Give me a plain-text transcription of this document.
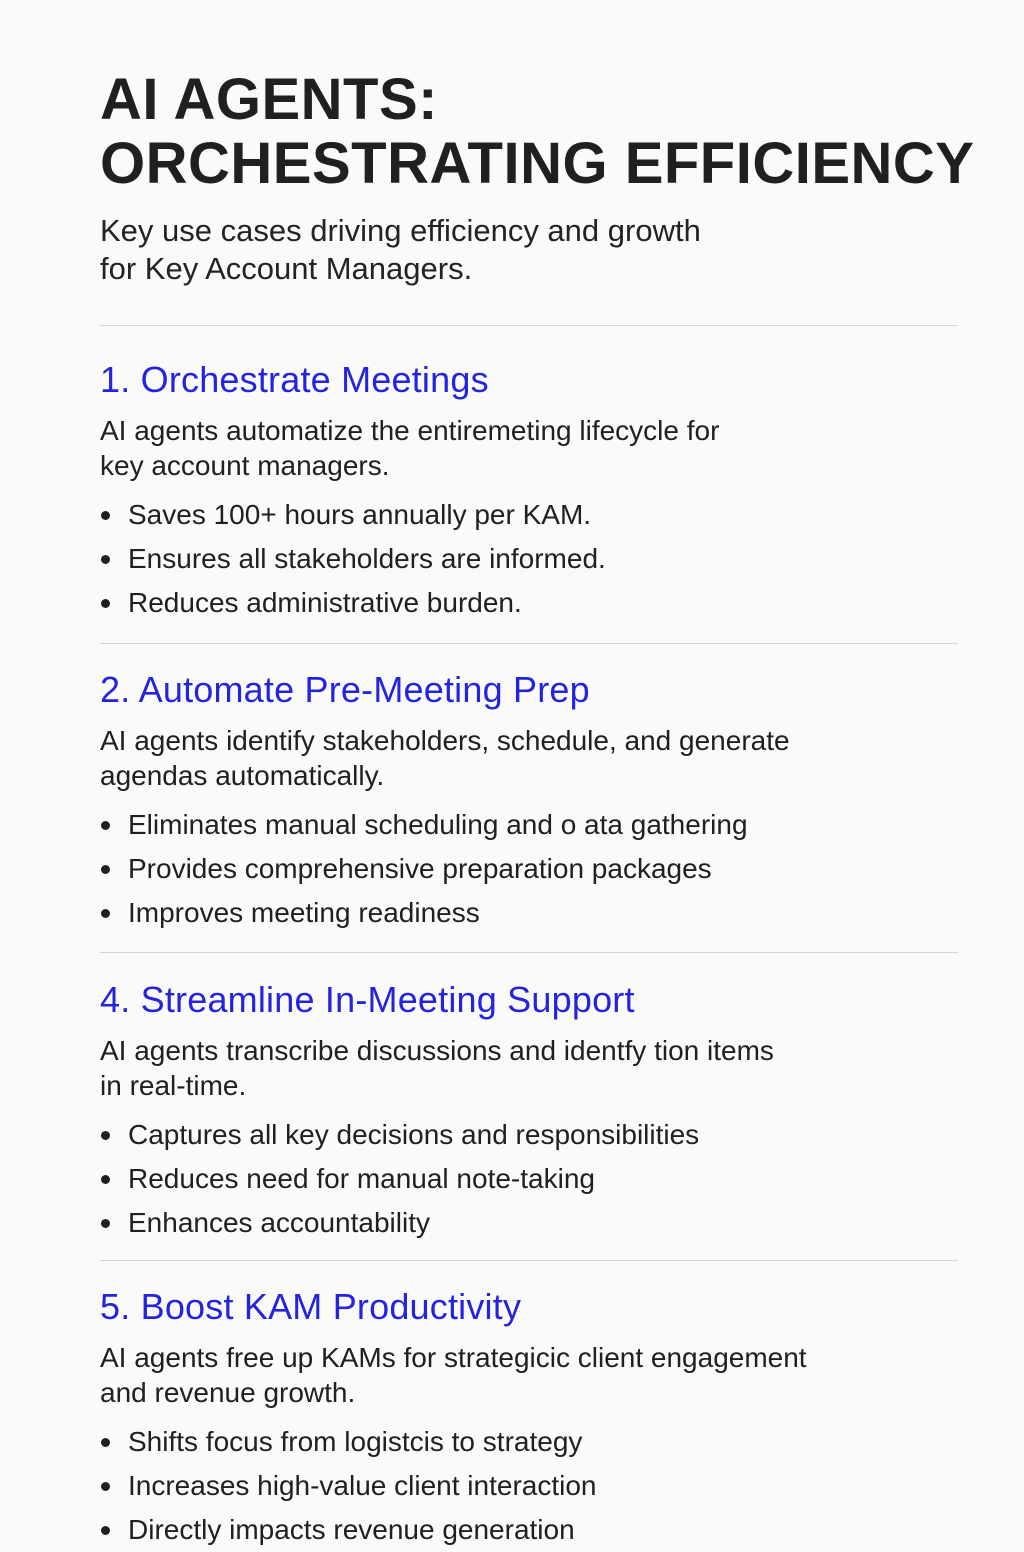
AI AGENTS:
ORCHESTRATING EFFICIENCY
Key use cases driving efficiency and growth
for Key Account Managers.
1. Orchestrate Meetings
AI agents automatize the entiremeting lifecycle for
key account managers.
Saves 100+ hours annually per KAM.
Ensures all stakeholders are informed.
Reduces administrative burden.
2. Automate Pre-Meeting Prep
AI agents identify stakeholders, schedule, and generate
agendas automatically.
Eliminates manual scheduling and o ata gathering
Provides comprehensive preparation packages
Improves meeting readiness
4. Streamline In-Meeting Support
AI agents transcribe discussions and identfy tion items
in real-time.
Captures all key decisions and responsibilities
Reduces need for manual note-taking
Enhances accountability
5. Boost KAM Productivity
AI agents free up KAMs for strategicic client engagement
and revenue growth.
Shifts focus from logistcis to strategy
Increases high-value client interaction
Directly impacts revenue generation
